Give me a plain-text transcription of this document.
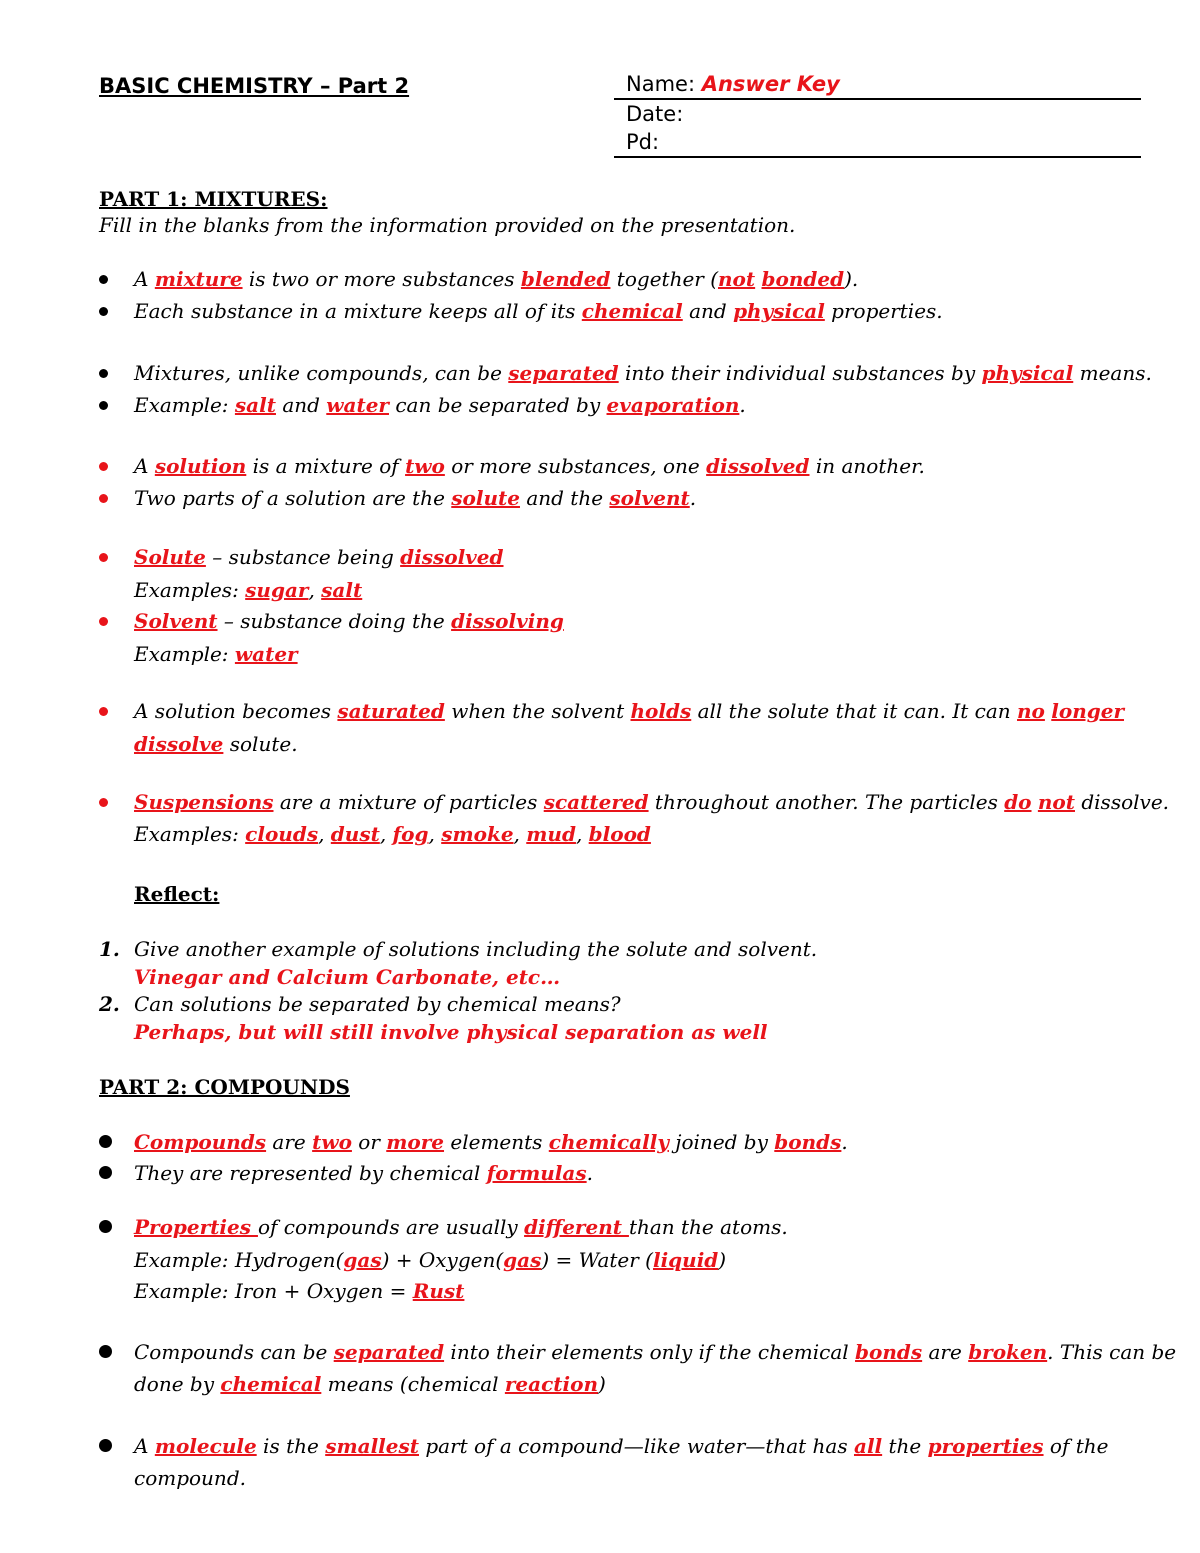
BASIC CHEMISTRY – Part 2	Name: Answer Key
Date:
Pd:
PART 1: MIXTURES:
Fill in the blanks from the information provided on the presentation.
A mixture is two or more substances blended together (not bonded).
Each substance in a mixture keeps all of its chemical and physical properties.
Mixtures, unlike compounds, can be separated into their individual substances by physical means.
Example: salt and water can be separated by evaporation.
A solution is a mixture of two or more substances, one dissolved in another.
Two parts of a solution are the solute and the solvent.
Solute – substance being dissolved
Examples: sugar, salt
Solvent – substance doing the dissolving
Example: water
A solution becomes saturated when the solvent holds all the solute that it can. It can no longer
dissolve solute.
Suspensions are a mixture of particles scattered throughout another. The particles do not dissolve.
Examples: clouds, dust, fog, smoke, mud, blood
Reflect:
1. Give another example of solutions including the solute and solvent.
Vinegar and Calcium Carbonate, etc…
2. Can solutions be separated by chemical means?
Perhaps, but will still involve physical separation as well
PART 2: COMPOUNDS
Compounds are two or more elements chemically joined by bonds.
They are represented by chemical formulas.
Properties of compounds are usually different than the atoms.
Example: Hydrogen(gas) + Oxygen(gas) = Water (liquid)
Example: Iron + Oxygen = Rust
Compounds can be separated into their elements only if the chemical bonds are broken. This can be
done by chemical means (chemical reaction)
A molecule is the smallest part of a compound—like water—that has all the properties of the
compound.
